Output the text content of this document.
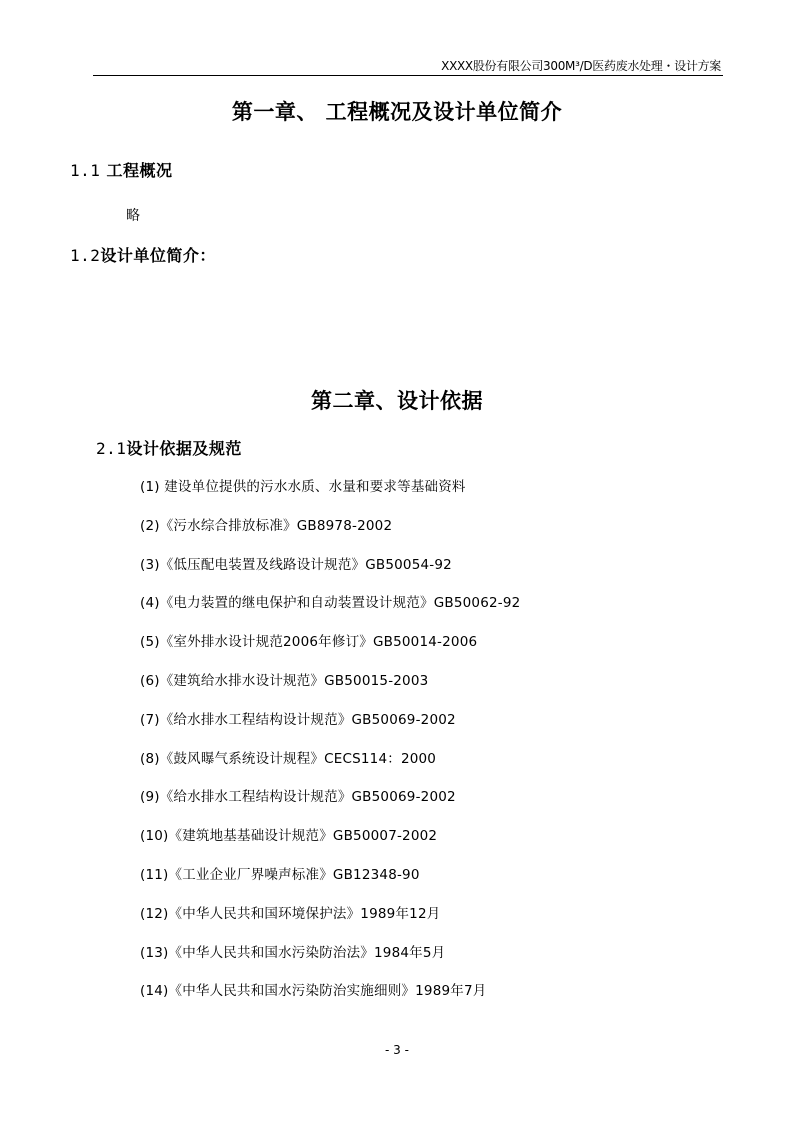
XXXX股份有限公司300M³/D医药废水处理・设计方案
第一章、 工程概况及设计单位简介
1.1 工程概况
略
1.2设计单位简介：
第二章、设计依据
2.1设计依据及规范
(1) 建设单位提供的污水水质、水量和要求等基础资料
(2)《污水综合排放标准》GB8978-2002
(3)《低压配电装置及线路设计规范》GB50054-92
(4)《电力装置的继电保护和自动装置设计规范》GB50062-92
(5)《室外排水设计规范2006年修订》GB50014-2006
(6)《建筑给水排水设计规范》GB50015-2003
(7)《给水排水工程结构设计规范》GB50069-2002
(8)《鼓风曝气系统设计规程》CECS114：2000
(9)《给水排水工程结构设计规范》GB50069-2002
(10)《建筑地基基础设计规范》GB50007-2002
(11)《工业企业厂界噪声标准》GB12348-90
(12)《中华人民共和国环境保护法》1989年12月
(13)《中华人民共和国水污染防治法》1984年5月
(14)《中华人民共和国水污染防治实施细则》1989年7月
- 3 -
